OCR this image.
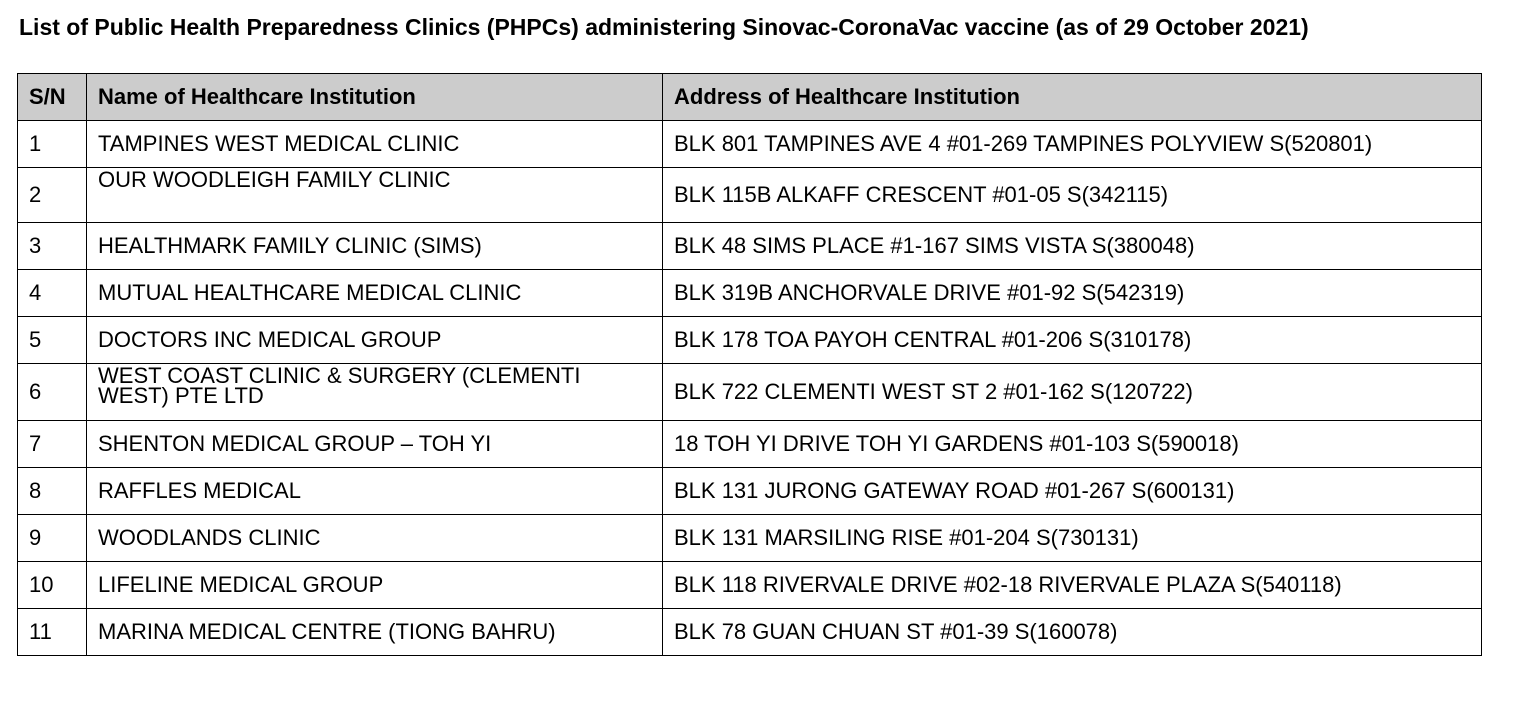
List of Public Health Preparedness Clinics (PHPCs) administering Sinovac-CoronaVac vaccine (as of 29 October 2021)
S/N	Name of Healthcare Institution	Address of Healthcare Institution
1	TAMPINES WEST MEDICAL CLINIC	BLK 801 TAMPINES AVE 4 #01-269 TAMPINES POLYVIEW S(520801)
2	OUR WOODLEIGH FAMILY CLINIC	BLK 115B ALKAFF CRESCENT #01-05 S(342115)
3	HEALTHMARK FAMILY CLINIC (SIMS)	BLK 48 SIMS PLACE #1-167 SIMS VISTA S(380048)
4	MUTUAL HEALTHCARE MEDICAL CLINIC	BLK 319B ANCHORVALE DRIVE #01-92 S(542319)
5	DOCTORS INC MEDICAL GROUP	BLK 178 TOA PAYOH CENTRAL #01-206 S(310178)
6	WEST COAST CLINIC & SURGERY (CLEMENTI WEST) PTE LTD	BLK 722 CLEMENTI WEST ST 2 #01-162 S(120722)
7	SHENTON MEDICAL GROUP – TOH YI	18 TOH YI DRIVE TOH YI GARDENS #01-103 S(590018)
8	RAFFLES MEDICAL	BLK 131 JURONG GATEWAY ROAD #01-267 S(600131)
9	WOODLANDS CLINIC	BLK 131 MARSILING RISE #01-204 S(730131)
10	LIFELINE MEDICAL GROUP	BLK 118 RIVERVALE DRIVE #02-18 RIVERVALE PLAZA S(540118)
11	MARINA MEDICAL CENTRE (TIONG BAHRU)	BLK 78 GUAN CHUAN ST #01-39 S(160078)
